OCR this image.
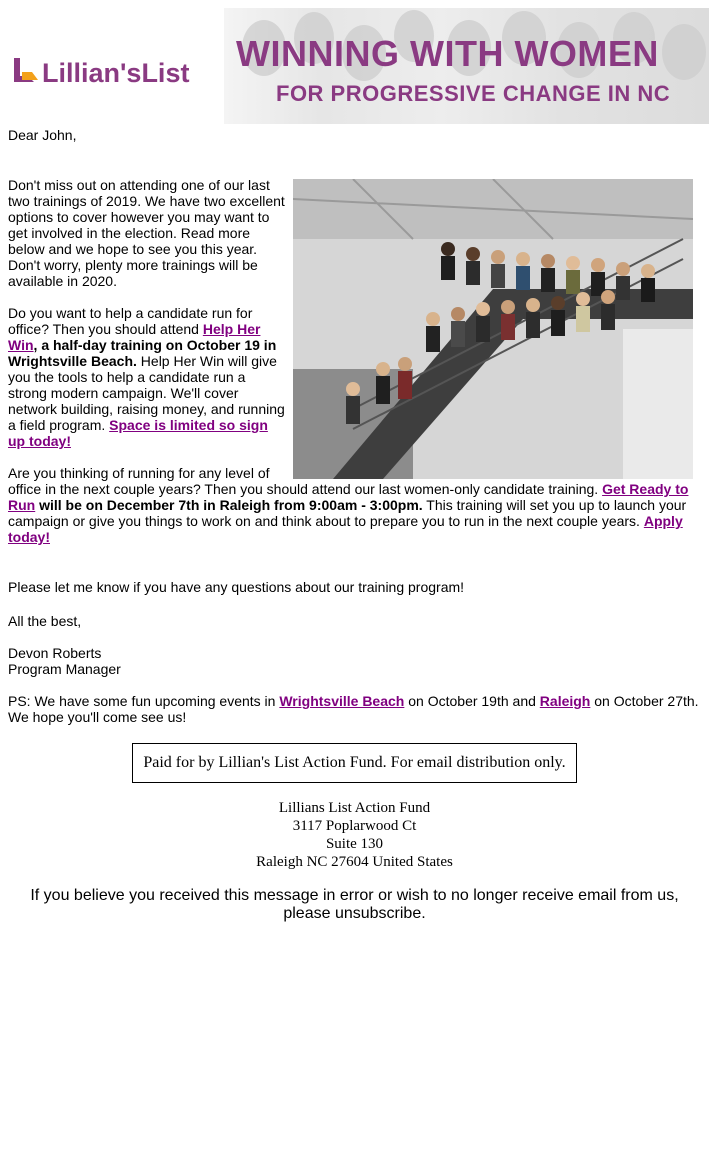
Lillian'sList WINNING WITH WOMEN
FOR PROGRESSIVE CHANGE IN NC

Dear John,

Don't miss out on attending one of our last two trainings of 2019. We have two excellent options to cover however you may want to get involved in the election. Read more below and we hope to see you this year. Don't worry, plenty more trainings will be available in 2020.

Do you want to help a candidate run for office? Then you should attend Help Her Win, a half-day training on October 19 in Wrightsville Beach. Help Her Win will give you the tools to help a candidate run a strong modern campaign. We'll cover network building, raising money, and running a field program. Space is limited so sign up today!

Are you thinking of running for any level of
office in the next couple years? Then you should attend our last women-only candidate training. Get Ready to Run will be on December 7th in Raleigh from 9:00am - 3:00pm. This training will set you up to launch your campaign or give you things to work on and think about to prepare you to run in the next couple years. Apply today!

Please let me know if you have any questions about our training program!

All the best,

Devon Roberts

Program Manager

PS: We have some fun upcoming events in Wrightsville Beach on October 19th and Raleigh on October 27th. We hope you'll come see us!

Paid for by Lillian's List Action Fund. For email distribution only.
Lillians List Action Fund
3117 Poplarwood Ct
Suite 130
Raleigh NC 27604 United States
If you believe you received this message in error or wish to no longer receive email from us, please unsubscribe.
